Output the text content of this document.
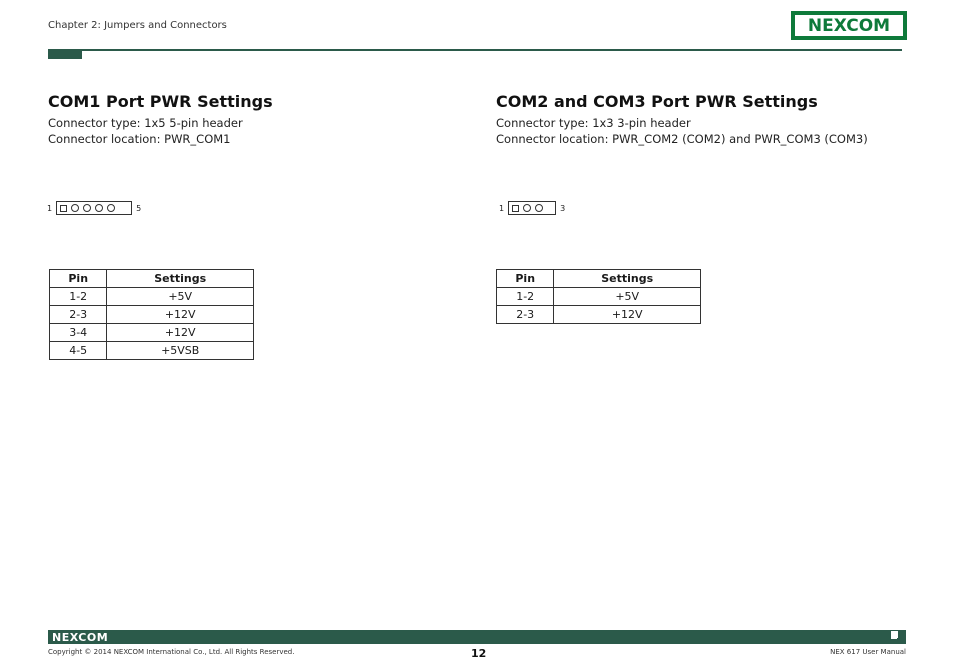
Chapter 2: Jumpers and Connectors	NEXCOM
COM1 Port PWR Settings
Connector type: 1x5 5-pin header
Connector location: PWR_COM1
1	5
Pin	Settings
1-2	+5V
2-3	+12V
3-4	+12V
4-5	+5VSB
COM2 and COM3 Port PWR Settings
Connector type: 1x3 3-pin header
Connector location: PWR_COM2 (COM2) and PWR_COM3 (COM3)
1	3
Pin	Settings
1-2	+5V
2-3	+12V
NEXCOM
Copyright © 2014 NEXCOM International Co., Ltd. All Rights Reserved.	12	NEX 617 User Manual
